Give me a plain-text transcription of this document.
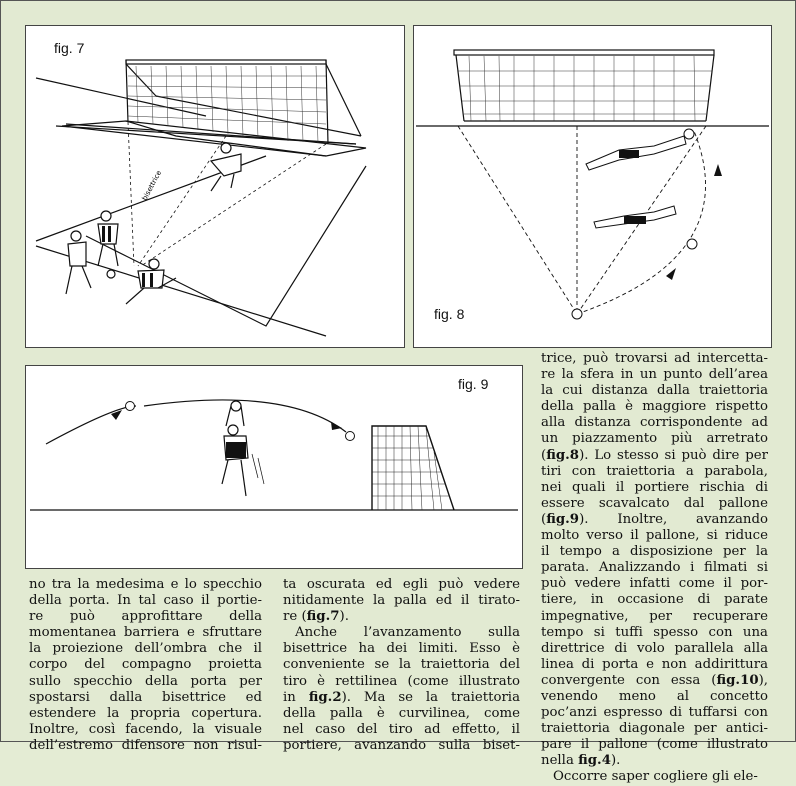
fig. 7
bisettrice
fig. 8
fig. 9
no tra la medesima e lo specchio
della porta. In tal caso il portie-
re può approfittare della
momentanea barriera e sfruttare
la proiezione dell’ombra che il
corpo del compagno proietta
sullo specchio della porta per
spostarsi dalla bisettrice ed
estendere la propria copertura.
Inoltre, così facendo, la visuale
dell’estremo difensore non risul-
ta oscurata ed egli può vedere
nitidamente la palla ed il tirato-
re (fig.7).
Anche l’avanzamento sulla
bisettrice ha dei limiti. Esso è
conveniente se la traiettoria del
tiro è rettilinea (come illustrato
in fig.2). Ma se la traiettoria
della palla è curvilinea, come
nel caso del tiro ad effetto, il
portiere, avanzando sulla biset-
trice, può trovarsi ad intercetta-
re la sfera in un punto dell’area
la cui distanza dalla traiettoria
della palla è maggiore rispetto
alla distanza corrispondente ad
un piazzamento più arretrato
(fig.8). Lo stesso si può dire per
tiri con traiettoria a parabola,
nei quali il portiere rischia di
essere scavalcato dal pallone
(fig.9). Inoltre, avanzando
molto verso il pallone, si riduce
il tempo a disposizione per la
parata. Analizzando i filmati si
può vedere infatti come il por-
tiere, in occasione di parate
impegnative, per recuperare
tempo si tuffi spesso con una
direttrice di volo parallela alla
linea di porta e non addirittura
convergente con essa (fig.10),
venendo meno al concetto
poc’anzi espresso di tuffarsi con
traiettoria diagonale per antici-
pare il pallone (come illustrato
nella fig.4).
Occorre saper cogliere gli ele-
